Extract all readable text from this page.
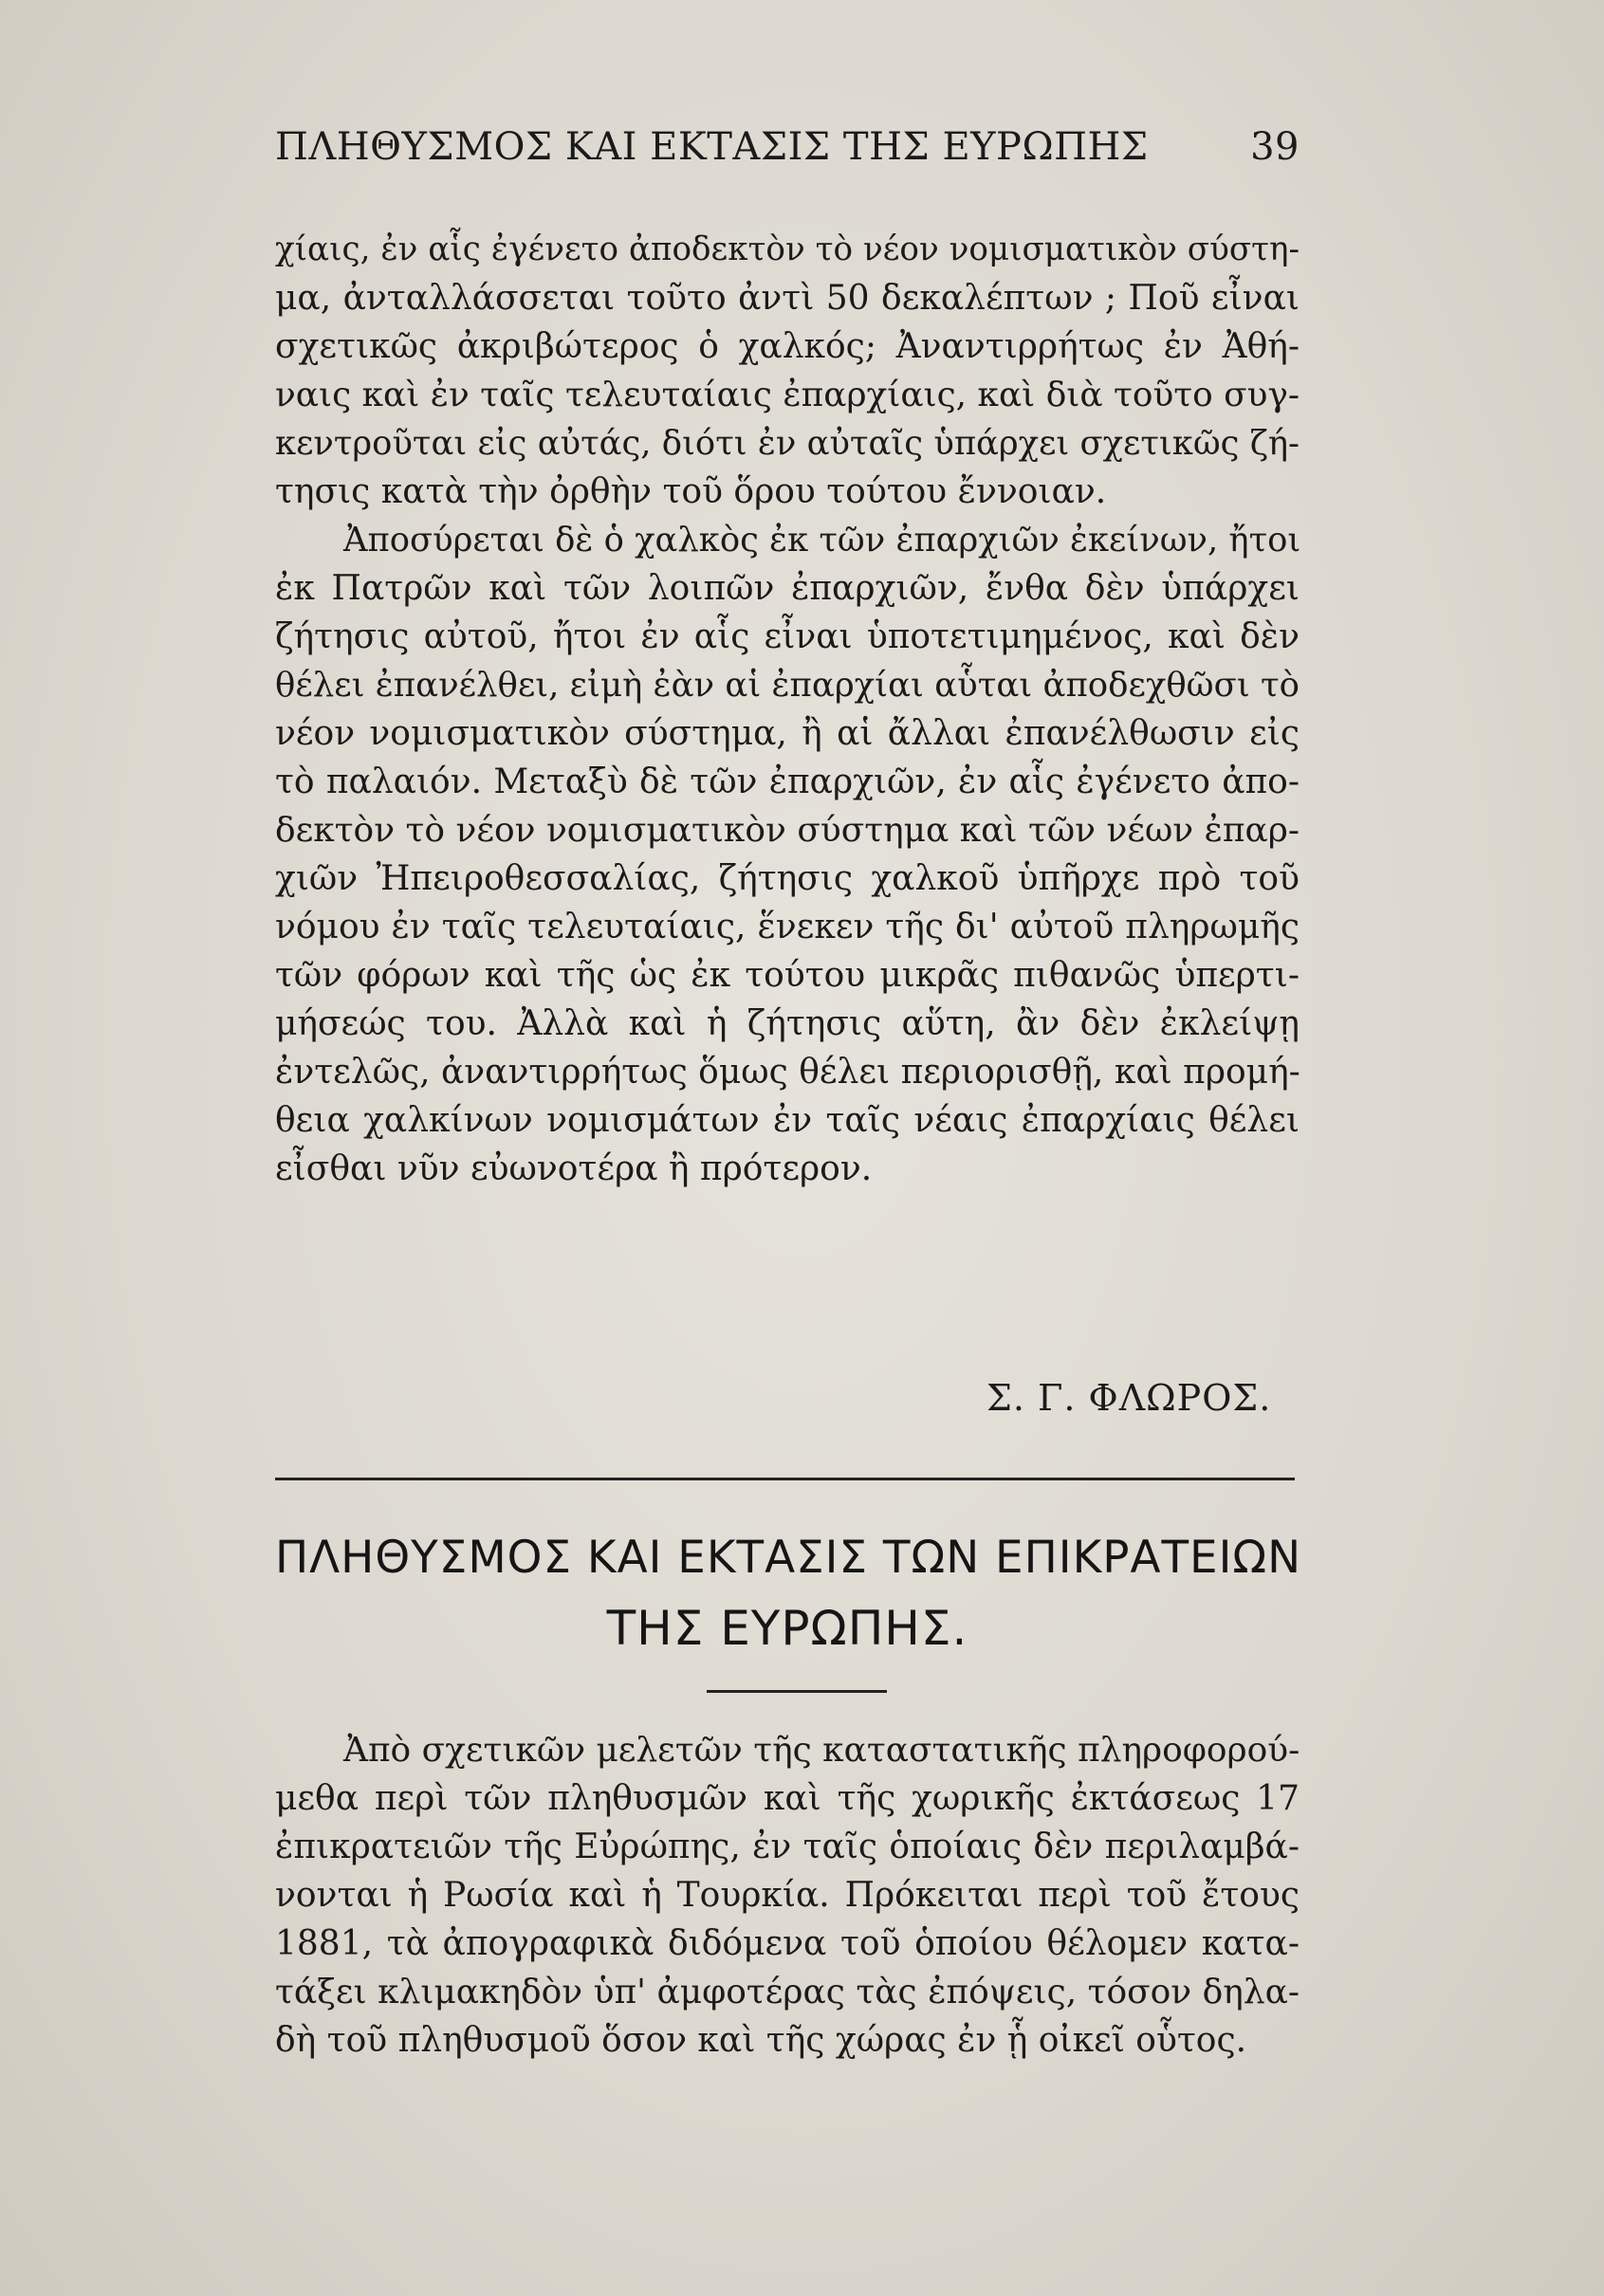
ΠΛΗΘΥΣΜΟΣ ΚΑΙ ΕΚΤΑΣΙΣ ΤΗΣ ΕΥΡΩΠΗΣ	39
χίαις, ἐν αἷς ἐγένετο ἀποδεκτὸν τὸ νέον νομισματικὸν σύστη-
μα, ἀνταλλάσσεται τοῦτο ἀντὶ 50 δεκαλέπτων ; Ποῦ εἶναι
σχετικῶς ἀκριβώτερος ὁ χαλκός; Ἀναντιρρήτως ἐν Ἀθή-
ναις καὶ ἐν ταῖς τελευταίαις ἐπαρχίαις, καὶ διὰ τοῦτο συγ-
κεντροῦται εἰς αὐτάς, διότι ἐν αὐταῖς ὑπάρχει σχετικῶς ζή-
τησις κατὰ τὴν ὀρθὴν τοῦ ὅρου τούτου ἔννοιαν.
Ἀποσύρεται δὲ ὁ χαλκὸς ἐκ τῶν ἐπαρχιῶν ἐκείνων, ἤτοι
ἐκ Πατρῶν καὶ τῶν λοιπῶν ἐπαρχιῶν, ἔνθα δὲν ὑπάρχει
ζήτησις αὐτοῦ, ἤτοι ἐν αἷς εἶναι ὑποτετιμημένος, καὶ δὲν
θέλει ἐπανέλθει, εἰμὴ ἐὰν αἱ ἐπαρχίαι αὗται ἀποδεχθῶσι τὸ
νέον νομισματικὸν σύστημα, ἢ αἱ ἄλλαι ἐπανέλθωσιν εἰς
τὸ παλαιόν. Μεταξὺ δὲ τῶν ἐπαρχιῶν, ἐν αἷς ἐγένετο ἀπο-
δεκτὸν τὸ νέον νομισματικὸν σύστημα καὶ τῶν νέων ἐπαρ-
χιῶν Ἠπειροθεσσαλίας, ζήτησις χαλκοῦ ὑπῆρχε πρὸ τοῦ
νόμου ἐν ταῖς τελευταίαις, ἕνεκεν τῆς δι' αὐτοῦ πληρωμῆς
τῶν φόρων καὶ τῆς ὡς ἐκ τούτου μικρᾶς πιθανῶς ὑπερτι-
μήσεώς του. Ἀλλὰ καὶ ἡ ζήτησις αὕτη, ἂν δὲν ἐκλείψῃ
ἐντελῶς, ἀναντιρρήτως ὅμως θέλει περιορισθῇ, καὶ προμή-
θεια χαλκίνων νομισμάτων ἐν ταῖς νέαις ἐπαρχίαις θέλει
εἶσθαι νῦν εὐωνοτέρα ἢ πρότερον.
Σ. Γ. ΦΛΩΡΟΣ.
ΠΛΗΘΥΣΜΟΣ ΚΑΙ ΕΚΤΑΣΙΣ ΤΩΝ ΕΠΙΚΡΑΤΕΙΩΝ
ΤΗΣ ΕΥΡΩΠΗΣ.
Ἀπὸ σχετικῶν μελετῶν τῆς καταστατικῆς πληροφορού-
μεθα περὶ τῶν πληθυσμῶν καὶ τῆς χωρικῆς ἐκτάσεως 17
ἐπικρατειῶν τῆς Εὐρώπης, ἐν ταῖς ὁποίαις δὲν περιλαμβά-
νονται ἡ Ρωσία καὶ ἡ Τουρκία. Πρόκειται περὶ τοῦ ἔτους
1881, τὰ ἀπογραφικὰ διδόμενα τοῦ ὁποίου θέλομεν κατα-
τάξει κλιμακηδὸν ὑπ' ἀμφοτέρας τὰς ἐπόψεις, τόσον δηλα-
δὴ τοῦ πληθυσμοῦ ὅσον καὶ τῆς χώρας ἐν ᾗ οἰκεῖ οὗτος.
